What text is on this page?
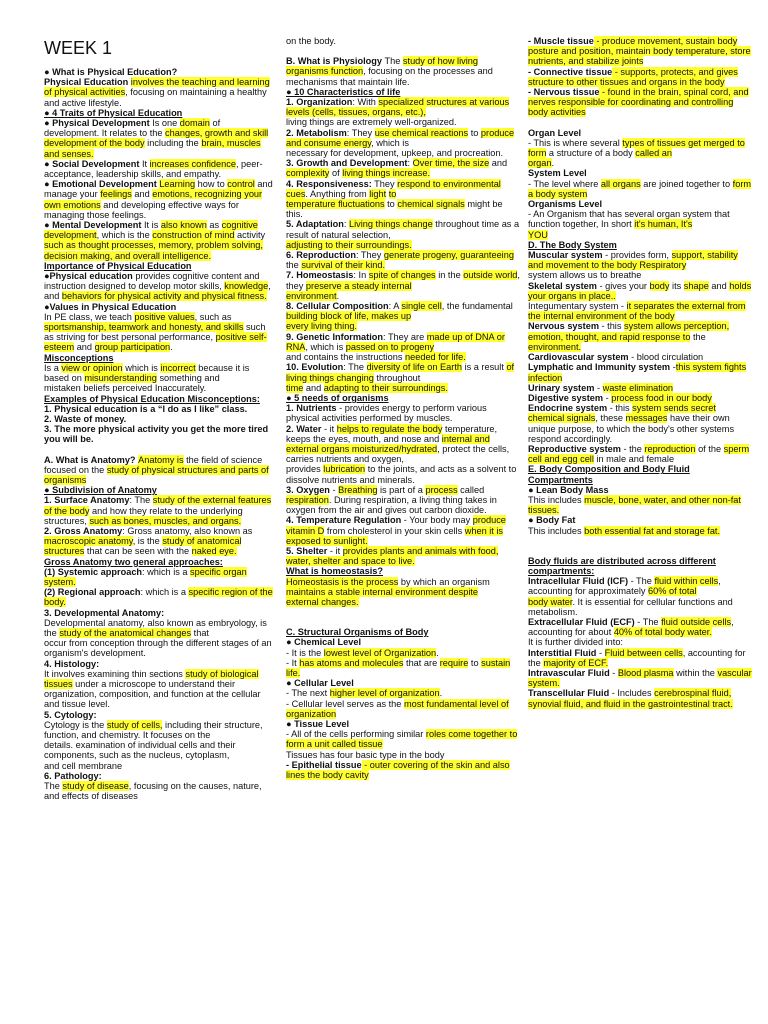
WEEK 1

● What is Physical Education?

Physical Education involves the teaching and learning of physical activities, focusing on maintaining a healthy and active lifestyle.

● 4 Traits of Physical Education

● Physical Development Is one domain of development. It relates to the changes, growth and skill development of the body including the brain, muscles and senses.

● Social Development It increases confidence, peer-acceptance, leadership skills, and empathy.

● Emotional Development Learning how to control and manage your feelings and emotions, recognizing your own emotions and developing effective ways for managing those feelings.

● Mental Development It is also known as cognitive development, which is the construction of mind activity such as thought processes, memory, problem solving, decision making, and overall intelligence.

Importance of Physical Education

●Physical education provides cognitive content and instruction designed to develop motor skills, knowledge, and behaviors for physical activity and physical fitness.

●Values in Physical Education

In PE class, we teach positive values, such as sportsmanship, teamwork and honesty, and skills such as striving for best personal performance, positive self-esteem and group participation.

Misconceptions

Is a view or opinion which is incorrect because it is based on misunderstanding something and

mistaken beliefs perceived Inaccurately.

Examples of Physical Education Misconceptions:

1. Physical education is a “I do as I like” class.

2. Waste of money.

3. The more physical activity you get the more tired you will be.

A. What is Anatomy? Anatomy is the field of science focused on the study of physical structures and parts of organisms

● Subdivision of Anatomy

1. Surface Anatomy: The study of the external features of the body and how they relate to the underlying structures, such as bones, muscles, and organs.

2. Gross Anatomy: Gross anatomy, also known as macroscopic anatomy, is the study of anatomical structures that can be seen with the naked eye.

Gross Anatomy two general approaches:

(1) Systemic approach: which is a specific organ system.

(2) Regional approach: which is a specific region of the body.

3. Developmental Anatomy:

Developmental anatomy, also known as embryology, is the study of the anatomical changes that

occur from conception through the different stages of an organism's development.

4. Histology:

It involves examining thin sections study of biological tissues under a microscope to understand their

organization, composition, and function at the cellular and tissue level.

5. Cytology:

Cytology is the study of cells, including their structure, function, and chemistry. It focuses on the

details. examination of individual cells and their components, such as the nucleus, cytoplasm,

and cell membrane

6. Pathology:

The study of disease, focusing on the causes, nature, and effects of diseases

on the body.

B. What is Physiology The study of how living organisms function, focusing on the processes and mechanisms that maintain life.

● 10 Characteristics of life

1. Organization: With specialized structures at various levels (cells, tissues, organs, etc.),

living things are extremely well-organized.

2. Metabolism: They use chemical reactions to produce and consume energy, which is

necessary for development, upkeep, and procreation.

3. Growth and Development: Over time, the size and complexity of living things increase.

4. Responsiveness: They respond to environmental cues. Anything from light to

temperature fluctuations to chemical signals might be this.

5. Adaptation: Living things change throughout time as a result of natural selection,

adjusting to their surroundings.

6. Reproduction: They generate progeny, guaranteeing the survival of their kind.

7. Homeostasis: In spite of changes in the outside world, they preserve a steady internal

environment.

8. Cellular Composition: A single cell, the fundamental building block of life, makes up

every living thing.

9. Genetic Information: They are made up of DNA or RNA, which is passed on to progeny

and contains the instructions needed for life.

10. Evolution: The diversity of life on Earth is a result of living things changing throughout

time and adapting to their surroundings.

● 5 needs of organisms

1. Nutrients - provides energy to perform various physical activities performed by muscles.

2. Water - it helps to regulate the body temperature, keeps the eyes, mouth, and nose and internal and external organs moisturized/hydrated, protect the cells, carries nutrients and oxygen,

provides lubrication to the joints, and acts as a solvent to dissolve nutrients and minerals.

3. Oxygen - Breathing is part of a process called respiration. During respiration, a living thing takes in oxygen from the air and gives out carbon dioxide.

4. Temperature Regulation - Your body may produce vitamin D from cholesterol in your skin cells when it is exposed to sunlight.

5. Shelter - it provides plants and animals with food, water, shelter and space to live.

What is homeostasis?

Homeostasis is the process by which an organism maintains a stable internal environment despite

external changes.

C. Structural Organisms of Body

● Chemical Level

- It is the lowest level of Organization.

- It has atoms and molecules that are require to sustain life.

● Cellular Level

- The next higher level of organization.

- Cellular level serves as the most fundamental level of organization

● Tissue Level

- All of the cells performing similar roles come together to form a unit called tissue

Tissues has four basic type in the body

- Epithelial tissue - outer covering of the skin and also lines the body cavity

- Muscle tissue - produce movement, sustain body posture and position, maintain body temperature, store nutrients, and stabilize joints

- Connective tissue - supports, protects, and gives structure to other tissues and organs in the body

- Nervous tissue - found in the brain, spinal cord, and nerves responsible for coordinating and controlling body activities

Organ Level

- This is where several types of tissues get merged to form a structure of a body called an

organ.

System Level

- The level where all organs are joined together to form a body system

Organisms Level

- An Organism that has several organ system that function together, In short it's human, It's

YOU

D. The Body System

Muscular system - provides form, support, stability and movement to the body Respiratory

system allows us to breathe

Skeletal system - gives your body its shape and holds your organs in place..

Integumentary system - it separates the external from the internal environment of the body

Nervous system - this system allows perception, emotion, thought, and rapid response to the

environment.

Cardiovascular system - blood circulation

Lymphatic and Immunity system -this system fights infection

Urinary system - waste elimination

Digestive system - process food in our body

Endocrine system - this system sends secret chemical signals, these messages have their own unique purpose, to which the body's other systems respond accordingly.

Reproductive system - the reproduction of the sperm cell and egg cell in male and female

E. Body Composition and Body Fluid Compartments

● Lean Body Mass

This includes muscle, bone, water, and other non-fat tissues.

● Body Fat

This includes both essential fat and storage fat.

Body fluids are distributed across different compartments:

Intracellular Fluid (ICF) - The fluid within cells, accounting for approximately 60% of total

body water. It is essential for cellular functions and metabolism.

Extracellular Fluid (ECF) - The fluid outside cells, accounting for about 40% of total body water.

It is further divided into:

Interstitial Fluid - Fluid between cells, accounting for the majority of ECF.

Intravascular Fluid - Blood plasma within the vascular system.

Transcellular Fluid - Includes cerebrospinal fluid, synovial fluid, and fluid in the gastrointestinal tract.
